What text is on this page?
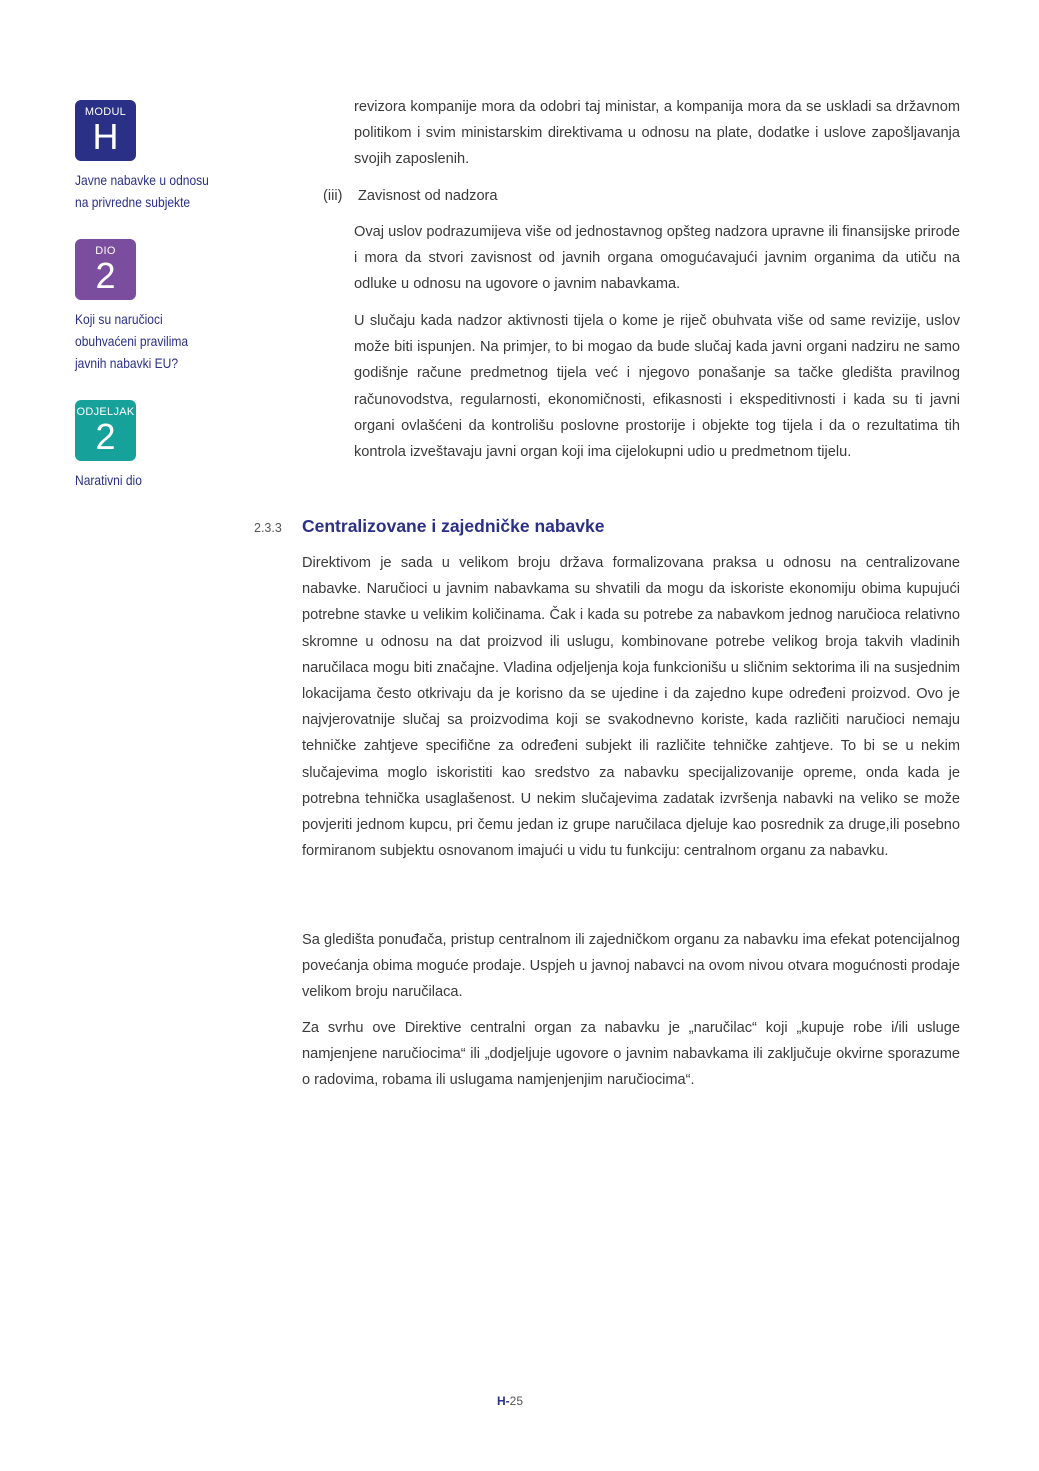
MODUL
H
Javne nabavke u odnosu
na privredne subjekte
DIO
2
Koji su naručioci
obuhvaćeni pravilima
javnih nabavki EU?
ODJELJAK
2
Narativni dio

revizora kompanije mora da odobri taj ministar, a kompanija mora da se uskladi sa državnom politikom i svim ministarskim direktivama u odnosu na plate, dodatke i uslove zapošljavanja svojih zaposlenih.

(iii) Zavisnost od nadzora

Ovaj uslov podrazumijeva više od jednostavnog opšteg nadzora upravne ili finansijske prirode i mora da stvori zavisnost od javnih organa omogućavajući javnim organima da utiču na odluke u odnosu na ugovore o javnim nabavkama.

U slučaju kada nadzor aktivnosti tijela o kome je riječ obuhvata više od same revizije, uslov može biti ispunjen. Na primjer, to bi mogao da bude slučaj kada javni organi nadziru ne samo godišnje račune predmetnog tijela već i njegovo ponašanje sa tačke gledišta pravilnog računovodstva, regularnosti, ekonomičnosti, efikasnosti i ekspeditivnosti i kada su ti javni organi ovlašćeni da kontrolišu poslovne prostorije i objekte tog tijela i da o rezultatima tih kontrola izveštavaju javni organ koji ima cijelokupni udio u predmetnom tijelu.

2.3.3 Centralizovane i zajedničke nabavke

Direktivom je sada u velikom broju država formalizovana praksa u odnosu na centralizovane nabavke. Naručioci u javnim nabavkama su shvatili da mogu da iskoriste ekonomiju obima kupujući potrebne stavke u velikim količinama. Čak i kada su potrebe za nabavkom jednog naručioca relativno skromne u odnosu na dat proizvod ili uslugu, kombinovane potrebe velikog broja takvih vladinih naručilaca mogu biti značajne. Vladina odjeljenja koja funkcionišu u sličnim sektorima ili na susjednim lokacijama često otkrivaju da je korisno da se ujedine i da zajedno kupe određeni proizvod. Ovo je najvjerovatnije slučaj sa proizvodima koji se svakodnevno koriste, kada različiti naručioci nemaju tehničke zahtjeve specifične za određeni subjekt ili različite tehničke zahtjeve. To bi se u nekim slučajevima moglo iskoristiti kao sredstvo za nabavku specijalizovanije opreme, onda kada je potrebna tehnička usaglašenost. U nekim slučajevima zadatak izvršenja nabavki na veliko se može povjeriti jednom kupcu, pri čemu jedan iz grupe naručilaca djeluje kao posrednik za druge,ili posebno formiranom subjektu osnovanom imajući u vidu tu funkciju: centralnom organu za nabavku.

Sa gledišta ponuđača, pristup centralnom ili zajedničkom organu za nabavku ima efekat potencijalnog povećanja obima moguće prodaje. Uspjeh u javnoj nabavci na ovom nivou otvara mogućnosti prodaje velikom broju naručilaca.

Za svrhu ove Direktive centralni organ za nabavku je „naručilac“ koji „kupuje robe i/ili usluge namjenjene naručiocima“ ili „dodjeljuje ugovore o javnim nabavkama ili zaključuje okvirne sporazume o radovima, robama ili uslugama namjenjenjim naručiocima“.

H-25
